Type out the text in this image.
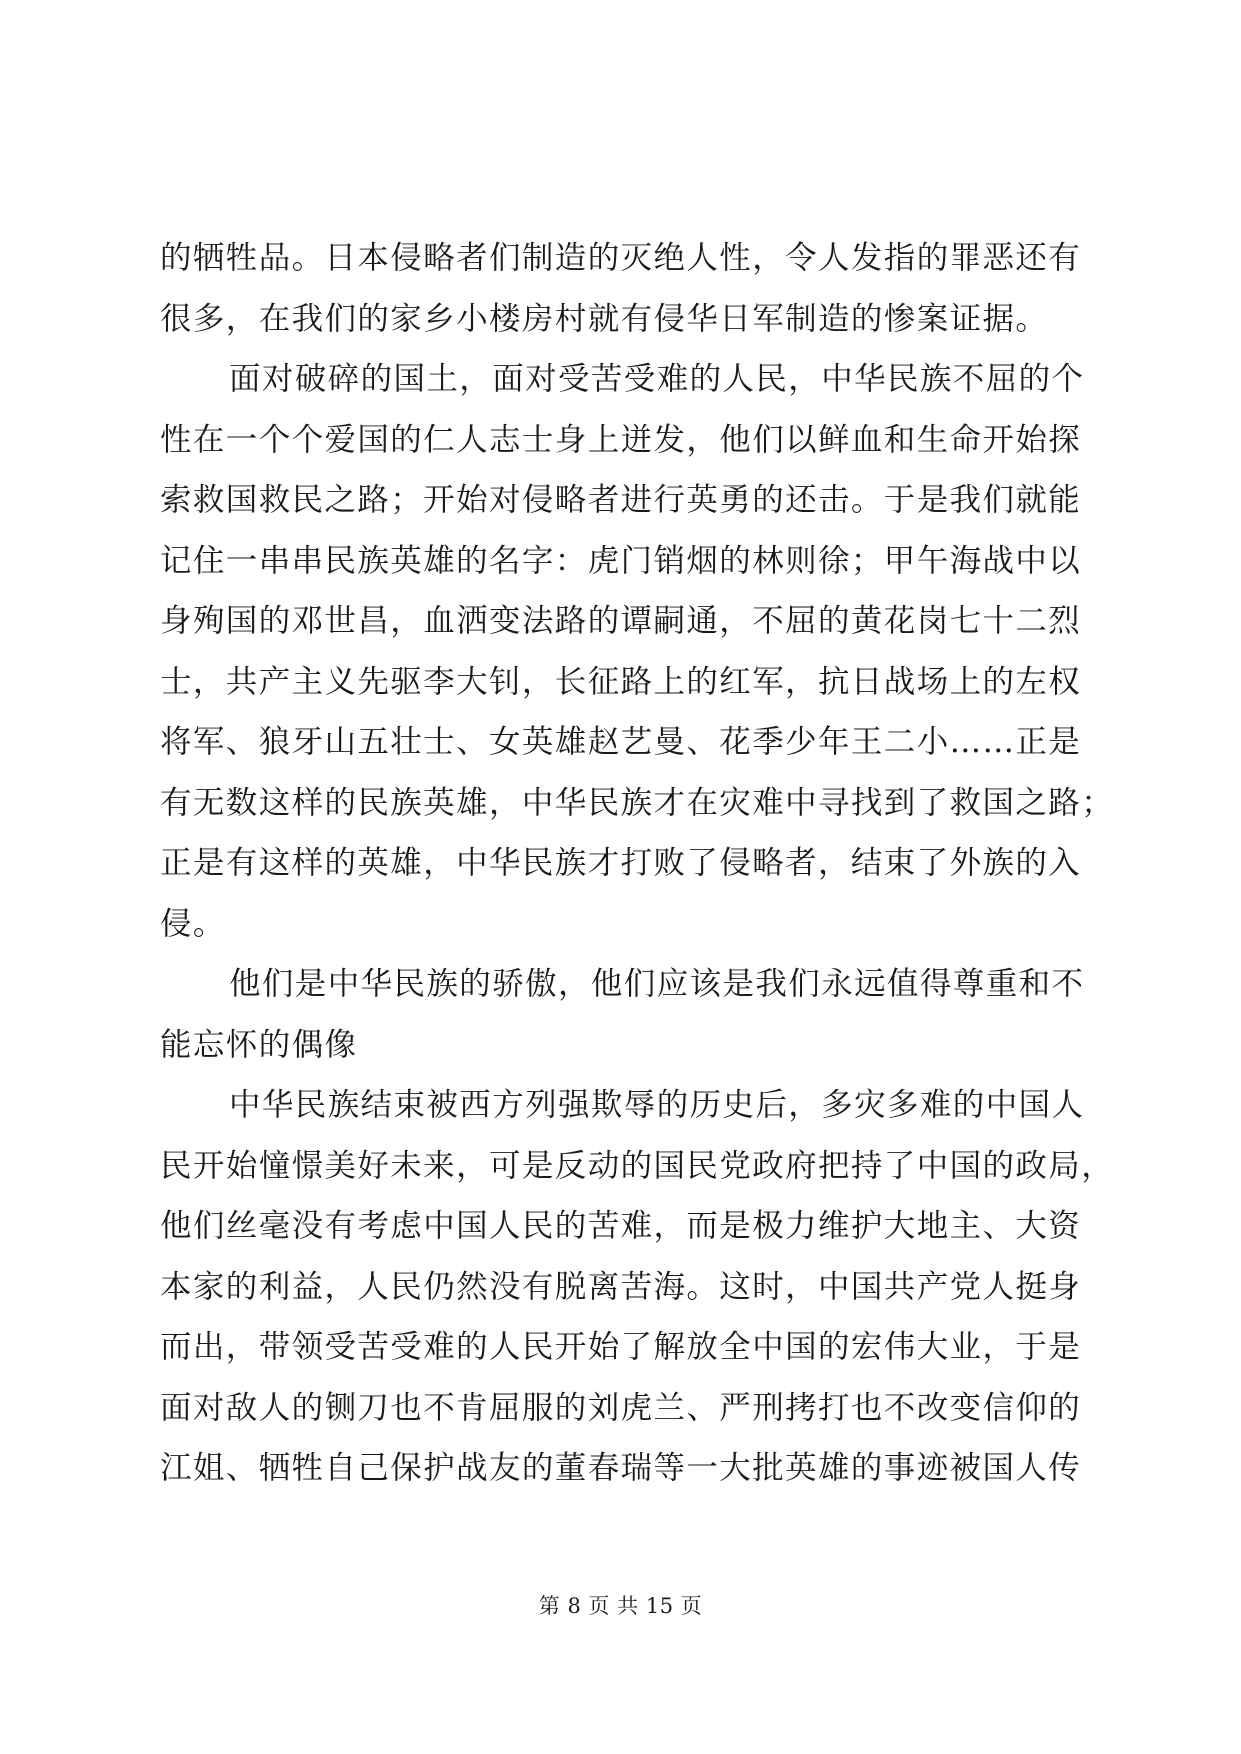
的牺牲品。日本侵略者们制造的灭绝人性，令人发指的罪恶还有
很多，在我们的家乡小楼房村就有侵华日军制造的惨案证据。
面对破碎的国土，面对受苦受难的人民，中华民族不屈的个
性在一个个爱国的仁人志士身上迸发，他们以鲜血和生命开始探
索救国救民之路；开始对侵略者进行英勇的还击。于是我们就能
记住一串串民族英雄的名字：虎门销烟的林则徐；甲午海战中以
身殉国的邓世昌，血洒变法路的谭嗣通，不屈的黄花岗七十二烈
士，共产主义先驱李大钊，长征路上的红军，抗日战场上的左权
将军、狼牙山五壮士、女英雄赵艺曼、花季少年王二小……正是
有无数这样的民族英雄，中华民族才在灾难中寻找到了救国之路；
正是有这样的英雄，中华民族才打败了侵略者，结束了外族的入
侵。
他们是中华民族的骄傲，他们应该是我们永远值得尊重和不
能忘怀的偶像
中华民族结束被西方列强欺辱的历史后，多灾多难的中国人
民开始憧憬美好未来，可是反动的国民党政府把持了中国的政局，
他们丝毫没有考虑中国人民的苦难，而是极力维护大地主、大资
本家的利益，人民仍然没有脱离苦海。这时，中国共产党人挺身
而出，带领受苦受难的人民开始了解放全中国的宏伟大业，于是
面对敌人的铡刀也不肯屈服的刘虎兰、严刑拷打也不改变信仰的
江姐、牺牲自己保护战友的董春瑞等一大批英雄的事迹被国人传
第 8 页 共 15 页
